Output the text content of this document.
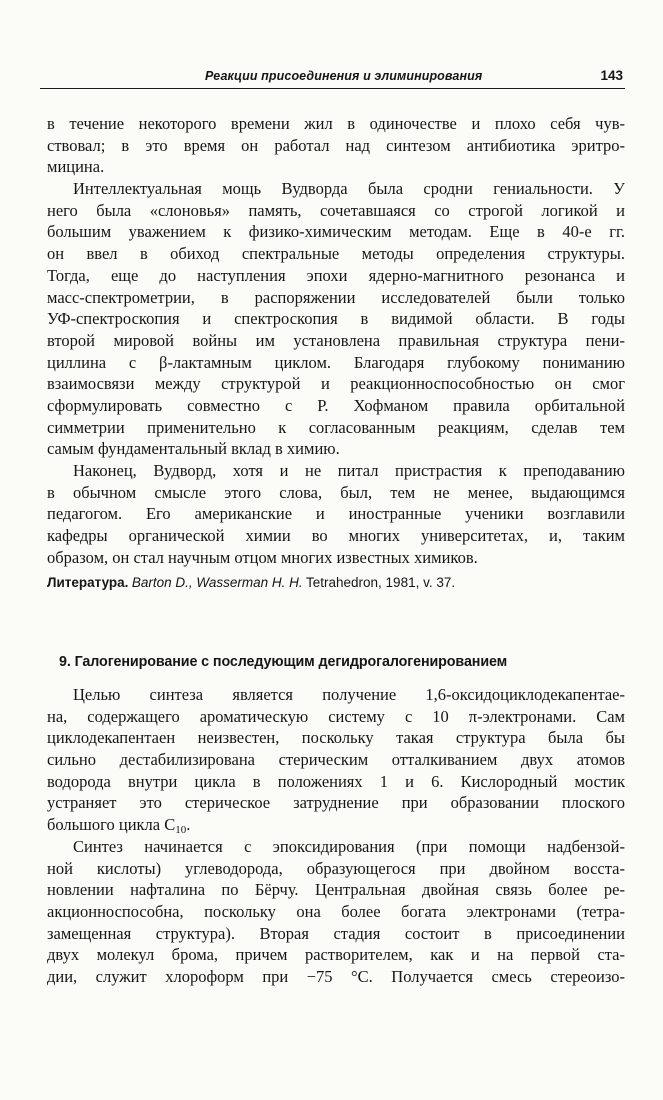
Реакции присоединения и элиминирования	143
в течение некоторого времени жил в одиночестве и плохо себя чув-
ствовал; в это время он работал над синтезом антибиотика эритро-
мицина.
Интеллектуальная мощь Вудворда была сродни гениальности. У
него была «слоновья» память, сочетавшаяся со строгой логикой и
большим уважением к физико-химическим методам. Еще в 40-е гг.
он ввел в обиход спектральные методы определения структуры.
Тогда, еще до наступления эпохи ядерно-магнитного резонанса и
масс-спектрометрии, в распоряжении исследователей были только
УФ-спектроскопия и спектроскопия в видимой области. В годы
второй мировой войны им установлена правильная структура пени-
циллина с β-лактамным циклом. Благодаря глубокому пониманию
взаимосвязи между структурой и реакционноспособностью он смог
сформулировать совместно с Р. Хофманом правила орбитальной
симметрии применительно к согласованным реакциям, сделав тем
самым фундаментальный вклад в химию.
Наконец, Вудворд, хотя и не питал пристрастия к преподаванию
в обычном смысле этого слова, был, тем не менее, выдающимся
педагогом. Его американские и иностранные ученики возглавили
кафедры органической химии во многих университетах, и, таким
образом, он стал научным отцом многих известных химиков.
Литература. Barton D., Wasserman H. H. Tetrahedron, 1981, v. 37.
9. Галогенирование с последующим дегидрогалогенированием
Целью синтеза является получение 1,6-оксидоциклодекапентае-
на, содержащего ароматическую систему с 10 π-электронами. Сам
циклодекапентаен неизвестен, поскольку такая структура была бы
сильно дестабилизирована стерическим отталкиванием двух атомов
водорода внутри цикла в положениях 1 и 6. Кислородный мостик
устраняет это стерическое затруднение при образовании плоского
большого цикла $С_{10}$.
Синтез начинается с эпоксидирования (при помощи надбензой-
ной кислоты) углеводорода, образующегося при двойном восста-
новлении нафталина по Бёрчу. Центральная двойная связь более ре-
акционноспособна, поскольку она более богата электронами (тетра-
замещенная структура). Вторая стадия состоит в присоединении
двух молекул брома, причем растворителем, как и на первой ста-
дии, служит хлороформ при −75 °C. Получается смесь стереоизо-
